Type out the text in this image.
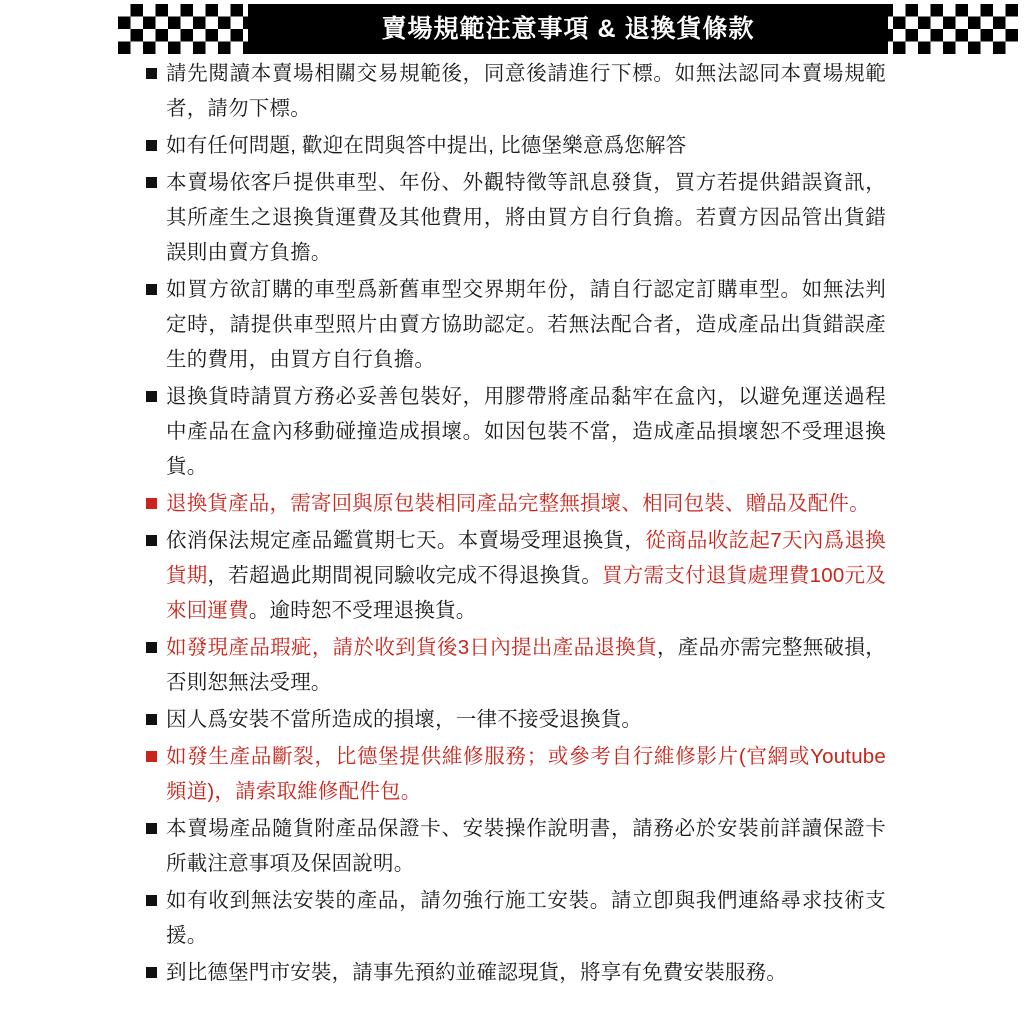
賣場規範注意事項 & 退換貨條款
請先閱讀本賣場相關交易規範後，同意後請進行下標。如無法認同本賣場規範者，請勿下標。
如有任何問題, 歡迎在問與答中提出, 比德堡樂意爲您解答
本賣場依客戶提供車型、年份、外觀特徵等訊息發貨，買方若提供錯誤資訊，其所產生之退換貨運費及其他費用，將由買方自行負擔。若賣方因品管出貨錯誤則由賣方負擔。
如買方欲訂購的車型爲新舊車型交界期年份，請自行認定訂購車型。如無法判定時，請提供車型照片由賣方協助認定。若無法配合者，造成產品出貨錯誤產生的費用，由買方自行負擔。
退換貨時請買方務必妥善包裝好，用膠帶將產品黏牢在盒內，以避免運送過程中產品在盒內移動碰撞造成損壞。如因包裝不當，造成產品損壞恕不受理退換貨。
退換貨產品，需寄回與原包裝相同產品完整無損壞、相同包裝、贈品及配件。
依消保法規定產品鑑賞期七天。本賣場受理退換貨，從商品收訖起7天內爲退換貨期，若超過此期間視同驗收完成不得退換貨。買方需支付退貨處理費100元及來回運費。逾時恕不受理退換貨。
如發現產品瑕疵，請於收到貨後3日內提出產品退換貨，產品亦需完整無破損，否則恕無法受理。
因人爲安裝不當所造成的損壞，一律不接受退換貨。
如發生產品斷裂，比德堡提供維修服務；或參考自行維修影片(官網或Youtube頻道)，請索取維修配件包。
本賣場產品隨貨附產品保證卡、安裝操作說明書，請務必於安裝前詳讀保證卡所載注意事項及保固說明。
如有收到無法安裝的產品，請勿強行施工安裝。請立卽與我們連絡尋求技術支援。
到比德堡門市安裝，請事先預約並確認現貨，將享有免費安裝服務。
